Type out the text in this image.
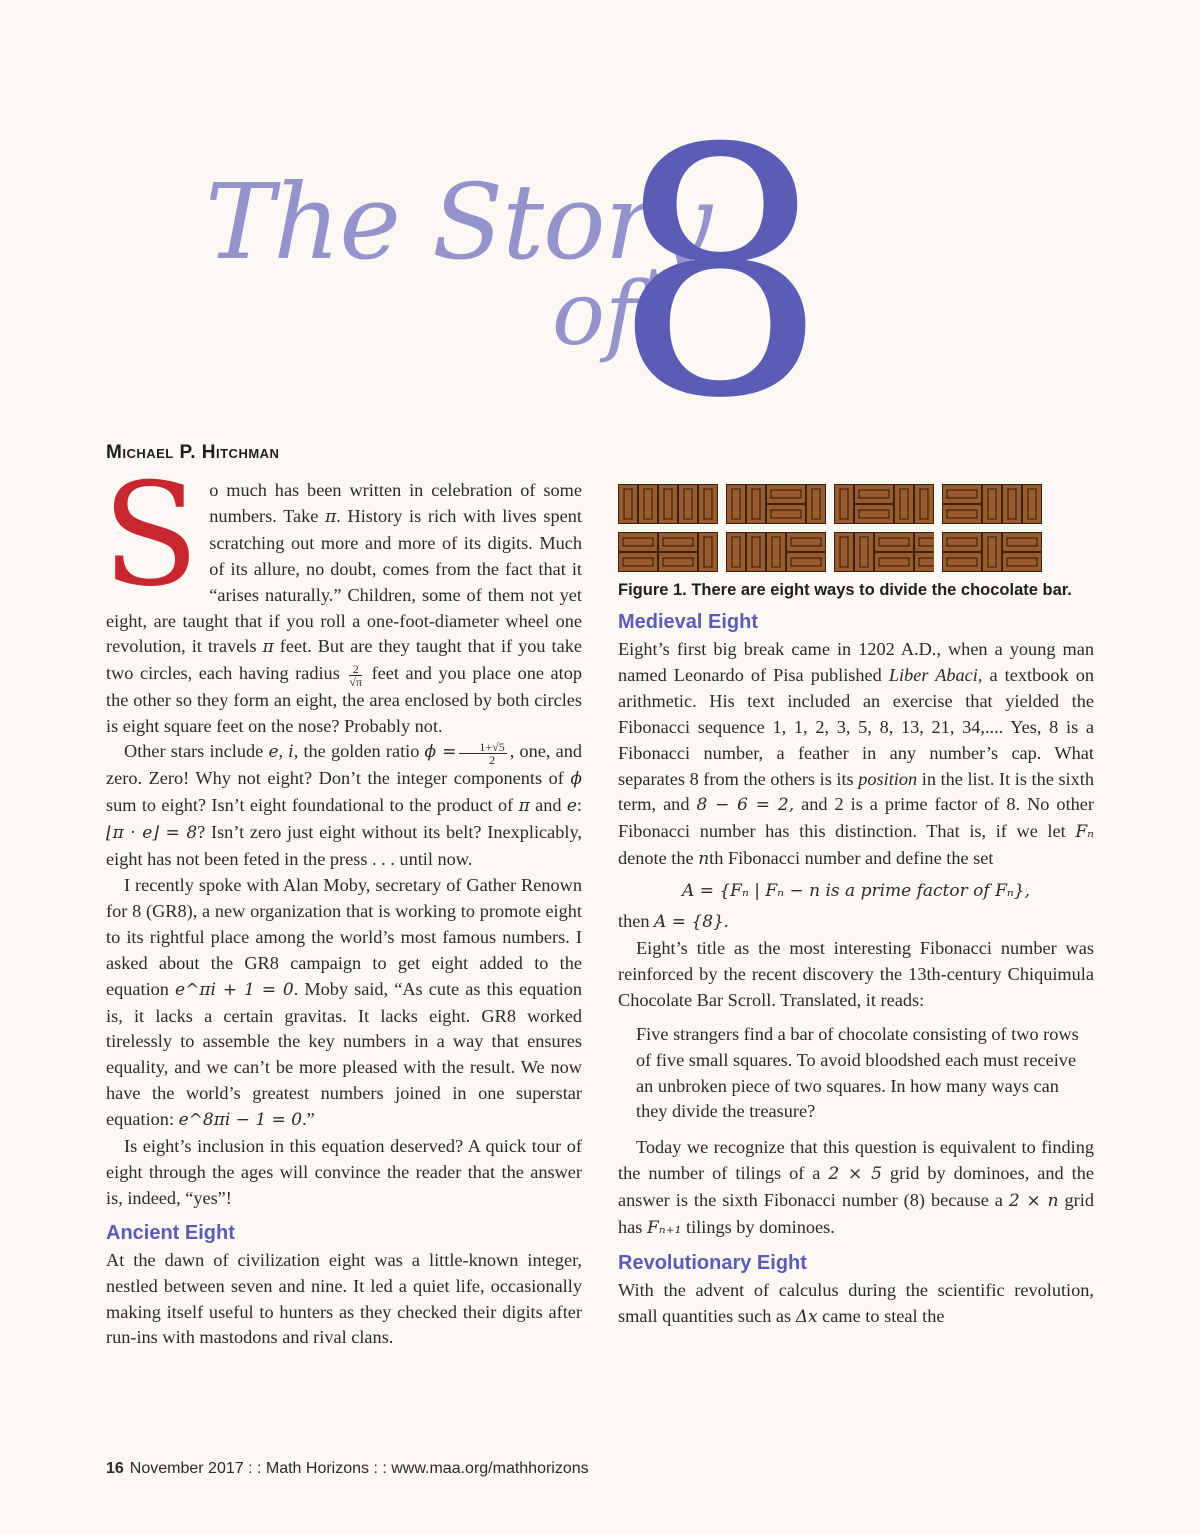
The Story
of
8
Michael P. Hitchman

So much has been written in celebration of some numbers. Take π. History is rich with lives spent scratching out more and more of its digits. Much of its allure, no doubt, comes from the fact that it “arises naturally.” Children, some of them not yet eight, are taught that if you roll a one-foot-diameter wheel one revolution, it travels π feet. But are they taught that if you take two circles, each having radius $\frac{2}{√\pi}$ feet and you place one atop the other so they form an eight, the area enclosed by both circles is eight square feet on the nose? Probably not.

Other stars include e, i, the golden ratio $\phi = \frac{1+√5}{2}$ , one, and zero. Zero! Why not eight? Don’t the integer components of ϕ sum to eight? Isn’t eight foundational to the product of π and e: ⌊π · e⌋ = 8? Isn’t zero just eight without its belt? Inexplicably, eight has not been feted in the press . . . until now.

I recently spoke with Alan Moby, secretary of Gather Renown for 8 (GR8), a new organization that is working to promote eight to its rightful place among the world’s most famous numbers. I asked about the GR8 campaign to get eight added to the equation e^πi + 1 = 0. Moby said, “As cute as this equation is, it lacks a certain gravitas. It lacks eight. GR8 worked tirelessly to assemble the key numbers in a way that ensures equality, and we can’t be more pleased with the result. We now have the world’s greatest numbers joined in one superstar equation: e^8πi − 1 = 0.”

Is eight’s inclusion in this equation deserved? A quick tour of eight through the ages will convince the reader that the answer is, indeed, “yes”!

Ancient Eight

At the dawn of civilization eight was a little-known integer, nestled between seven and nine. It led a quiet life, occasionally making itself useful to hunters as they checked their digits after run-ins with mastodons and rival clans.

Figure 1. There are eight ways to divide the chocolate bar.
Medieval Eight

Eight’s first big break came in 1202 A.D., when a young man named Leonardo of Pisa published Liber Abaci, a textbook on arithmetic. His text included an exercise that yielded the Fibonacci sequence 1, 1, 2, 3, 5, 8, 13, 21, 34,.... Yes, 8 is a Fibonacci number, a feather in any number’s cap. What separates 8 from the others is its position in the list. It is the sixth term, and 8 − 6 = 2, and 2 is a prime factor of 8. No other Fibonacci number has this distinction. That is, if we let Fₙ denote the nth Fibonacci number and define the set

A = {Fₙ | Fₙ − n is a prime factor of Fₙ},

then A = {8}.

Eight’s title as the most interesting Fibonacci number was reinforced by the recent discovery the 13th-century Chiquimula Chocolate Bar Scroll. Translated, it reads:

Five strangers find a bar of chocolate consisting of two rows of five small squares. To avoid bloodshed each must receive an unbroken piece of two squares. In how many ways can they divide the treasure?

Today we recognize that this question is equivalent to finding the number of tilings of a 2 × 5 grid by dominoes, and the answer is the sixth Fibonacci number (8) because a 2 × n grid has Fₙ₊₁ tilings by dominoes.

Revolutionary Eight

With the advent of calculus during the scientific revolution, small quantities such as Δx came to steal the

16 November 2017 : : Math Horizons : : www.maa.org/mathhorizons
